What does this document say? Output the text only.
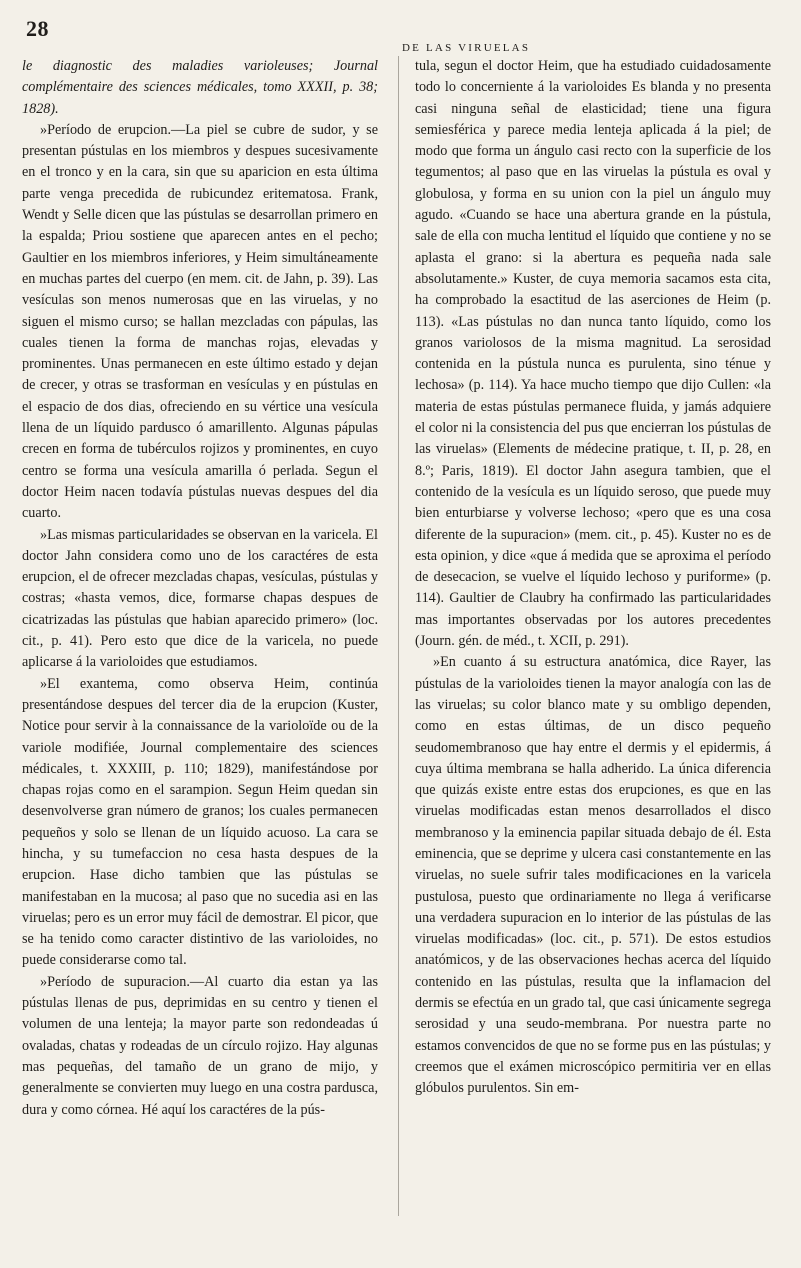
28
DE LAS VIRUELAS

le diagnostic des maladies varioleuses; Journal complémentaire des sciences médicales, tomo XXXII, p. 38; 1828).

»Período de erupcion.—La piel se cubre de sudor, y se presentan pústulas en los miembros y despues sucesivamente en el tronco y en la cara, sin que su aparicion en esta última parte venga precedida de rubicundez eritematosa. Frank, Wendt y Selle dicen que las pústulas se desarrollan primero en la espalda; Priou sostiene que aparecen antes en el pecho; Gaultier en los miembros inferiores, y Heim simultáneamente en muchas partes del cuerpo (en mem. cit. de Jahn, p. 39). Las vesículas son menos numerosas que en las viruelas, y no siguen el mismo curso; se hallan mezcladas con pápulas, las cuales tienen la forma de manchas rojas, elevadas y prominentes. Unas permanecen en este último estado y dejan de crecer, y otras se trasforman en vesículas y en pústulas en el espacio de dos dias, ofreciendo en su vértice una vesícula llena de un líquido pardusco ó amarillento. Algunas pápulas crecen en forma de tubérculos rojizos y prominentes, en cuyo centro se forma una vesícula amarilla ó perlada. Segun el doctor Heim nacen todavía pústulas nuevas despues del dia cuarto.

»Las mismas particularidades se observan en la varicela. El doctor Jahn considera como uno de los caractéres de esta erupcion, el de ofrecer mezcladas chapas, vesículas, pústulas y costras; «hasta vemos, dice, formarse chapas despues de cicatrizadas las pústulas que habian aparecido primero» (loc. cit., p. 41). Pero esto que dice de la varicela, no puede aplicarse á la varioloides que estudiamos.

»El exantema, como observa Heim, continúa presentándose despues del tercer dia de la erupcion (Kuster, Notice pour servir à la connaissance de la varioloïde ou de la variole modifiée, Journal complementaire des sciences médicales, t. XXXIII, p. 110; 1829), manifestándose por chapas rojas como en el sarampion. Segun Heim quedan sin desenvolverse gran número de granos; los cuales permanecen pequeños y solo se llenan de un líquido acuoso. La cara se hincha, y su tumefaccion no cesa hasta despues de la erupcion. Hase dicho tambien que las pústulas se manifestaban en la mucosa; al paso que no sucedia asi en las viruelas; pero es un error muy fácil de demostrar. El picor, que se ha tenido como caracter distintivo de las varioloides, no puede considerarse como tal.

»Período de supuracion.—Al cuarto dia estan ya las pústulas llenas de pus, deprimidas en su centro y tienen el volumen de una lenteja; la mayor parte son redondeadas ú ovaladas, chatas y rodeadas de un círculo rojizo. Hay algunas mas pequeñas, del tamaño de un grano de mijo, y generalmente se convierten muy luego en una costra pardusca, dura y como córnea. Hé aquí los caractéres de la pús-

tula, segun el doctor Heim, que ha estudiado cuidadosamente todo lo concerniente á la varioloides Es blanda y no presenta casi ninguna señal de elasticidad; tiene una figura semiesférica y parece media lenteja aplicada á la piel; de modo que forma un ángulo casi recto con la superficie de los tegumentos; al paso que en las viruelas la pústula es oval y globulosa, y forma en su union con la piel un ángulo muy agudo. «Cuando se hace una abertura grande en la pústula, sale de ella con mucha lentitud el líquido que contiene y no se aplasta el grano: si la abertura es pequeña nada sale absolutamente.» Kuster, de cuya memoria sacamos esta cita, ha comprobado la esactitud de las aserciones de Heim (p. 113). «Las pústulas no dan nunca tanto líquido, como los granos variolosos de la misma magnitud. La serosidad contenida en la pústula nunca es purulenta, sino ténue y lechosa» (p. 114). Ya hace mucho tiempo que dijo Cullen: «la materia de estas pústulas permanece fluida, y jamás adquiere el color ni la consistencia del pus que encierran los pústulas de las viruelas» (Elements de médecine pratique, t. II, p. 28, en 8.º; Paris, 1819). El doctor Jahn asegura tambien, que el contenido de la vesícula es un líquido seroso, que puede muy bien enturbiarse y volverse lechoso; «pero que es una cosa diferente de la supuracion» (mem. cit., p. 45). Kuster no es de esta opinion, y dice «que á medida que se aproxima el período de desecacion, se vuelve el líquido lechoso y puriforme» (p. 114). Gaultier de Claubry ha confirmado las particularidades mas importantes observadas por los autores precedentes (Journ. gén. de méd., t. XCII, p. 291).

»En cuanto á su estructura anatómica, dice Rayer, las pústulas de la varioloides tienen la mayor analogía con las de las viruelas; su color blanco mate y su ombligo dependen, como en estas últimas, de un disco pequeño seudomembranoso que hay entre el dermis y el epidermis, á cuya última membrana se halla adherido. La única diferencia que quizás existe entre estas dos erupciones, es que en las viruelas modificadas estan menos desarrollados el disco membranoso y la eminencia papilar situada debajo de él. Esta eminencia, que se deprime y ulcera casi constantemente en las viruelas, no suele sufrir tales modificaciones en la varicela pustulosa, puesto que ordinariamente no llega á verificarse una verdadera supuracion en lo interior de las pústulas de las viruelas modificadas» (loc. cit., p. 571). De estos estudios anatómicos, y de las observaciones hechas acerca del líquido contenido en las pústulas, resulta que la inflamacion del dermis se efectúa en un grado tal, que casi únicamente segrega serosidad y una seudo-membrana. Por nuestra parte no estamos convencidos de que no se forme pus en las pústulas; y creemos que el exámen microscópico permitiria ver en ellas glóbulos purulentos. Sin em-
